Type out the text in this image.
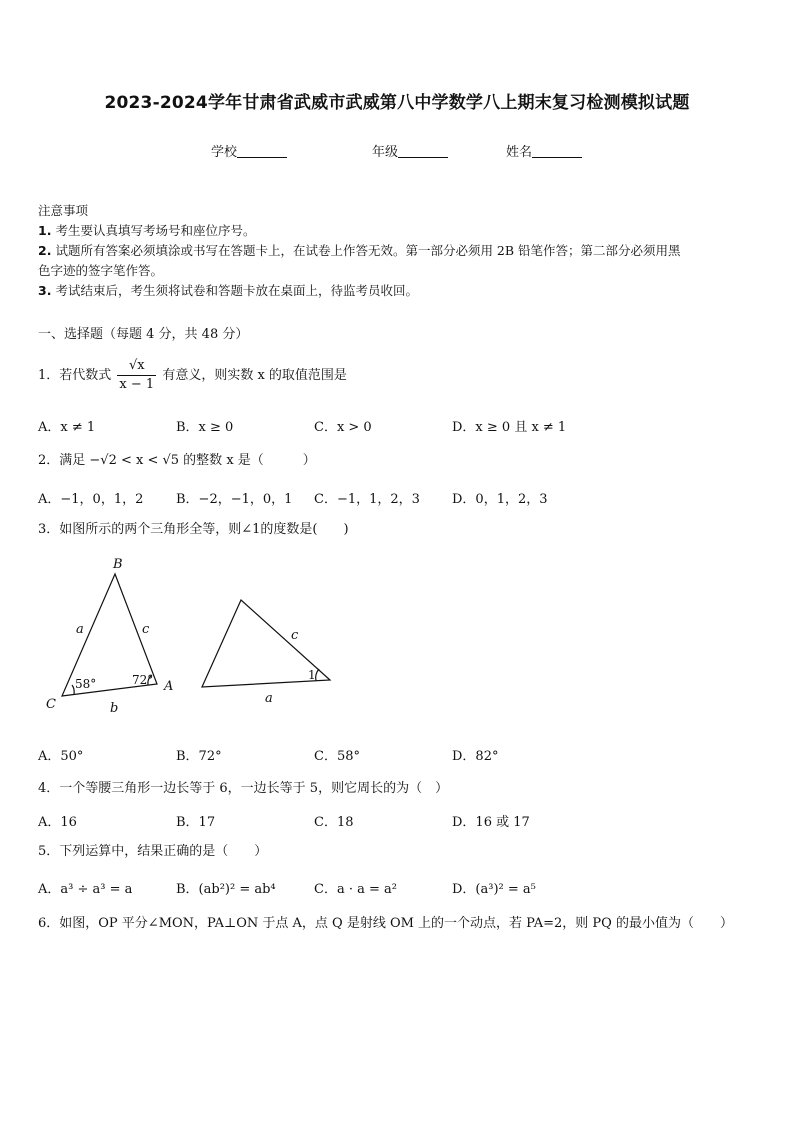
2023-2024学年甘肃省武威市武威第八中学数学八上期末复习检测模拟试题
学校	年级	姓名
注意事项
1. 考生要认真填写考场号和座位序号。
2. 试题所有答案必须填涂或书写在答题卡上，在试卷上作答无效。第一部分必须用 2B 铅笔作答；第二部分必须用黑
色字迹的签字笔作答。
3. 考试结束后，考生须将试卷和答题卡放在桌面上，待监考员收回。
一、选择题（每题 4 分，共 48 分）
1．若代数式 $\frac{√x}{x - 1}$ 有意义，则实数 x 的取值范围是
A．x ≠ 1	B．x ≥ 0	C．x > 0	D．x ≥ 0 且 x ≠ 1
2．满足 −√2 < x < √5 的整数 x 是（　　　）
A．−1，0，1，2	B．−2，−1，0，1 C．−1，1，2，3 D．0，1，2，3
3．如图所示的两个三角形全等，则∠1的度数是(　　)
B
A
C
a	c
b
c
a
58°	72°	1
A．50°	B．72°	C．58°	D．82°
4．一个等腰三角形一边长等于 6，一边长等于 5，则它周长的为（　）
A．16	B．17	C．18	D．16 或 17
5．下列运算中，结果正确的是（　　）
A．a³ ÷ a³ = a	B．(ab²)² = ab⁴	C．a · a = a²	D．(a³)² = a⁵
6．如图，OP 平分∠MON，PA⊥ON 于点 A，点 Q 是射线 OM 上的一个动点，若 PA=2，则 PQ 的最小值为（　　）
